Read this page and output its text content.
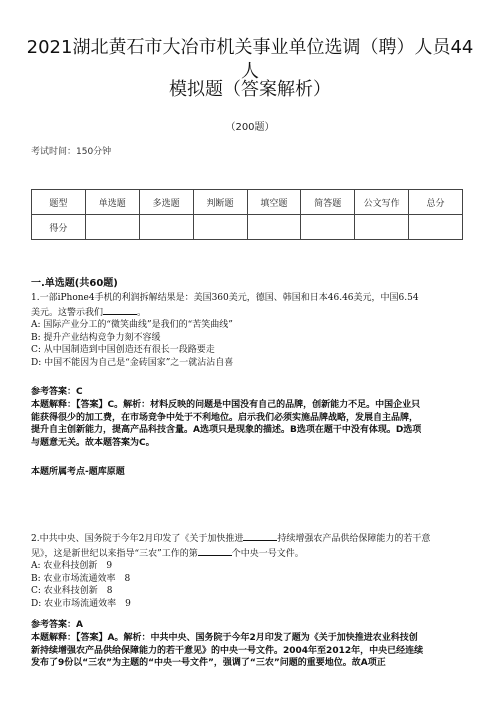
2021湖北黄石市大冶市机关事业单位选调（聘）人员44人
模拟题（答案解析）
（200题）
考试时间：150分钟
题型	单选题	多选题	判断题	填空题	简答题	公文写作	总分
得分							
一.单选题(共60题)

1.一部iPhone4手机的利润拆解结果是：美国360美元，德国、韩国和日本46.46美元，中国6.54

美元。这警示我们	。

A: 国际产业分工的“微笑曲线”是我们的“苦笑曲线”

B: 提升产业结构竞争力刻不容缓

C: 从中国制造到中国创造还有很长一段路要走

D: 中国不能因为自己是“金砖国家”之一就沾沾自喜

参考答案：C

本题解释：【答案】C。解析：材料反映的问题是中国没有自己的品牌，创新能力不足。中国企业只

能获得很少的加工费，在市场竞争中处于不利地位。启示我们必须实施品牌战略，发展自主品牌，

提升自主创新能力，提高产品科技含量。A选项只是现象的描述。B选项在题干中没有体现。D选项

与题意无关。故本题答案为C。

本题所属考点-题库原题

2.中共中央、国务院于今年2月印发了《关于加快推进	持续增强农产品供给保障能力的若干意

见》，这是新世纪以来指导“三农”工作的第	个中央一号文件。

A: 农业科技创新　9

B: 农业市场流通效率　8

C: 农业科技创新　8

D: 农业市场流通效率　9

参考答案：A

本题解释：【答案】A。解析：中共中央、国务院于今年2月印发了题为《关于加快推进农业科技创

新持续增强农产品供给保障能力的若干意见》的中央一号文件。2004年至2012年，中央已经连续

发布了9份以“三农”为主题的“中央一号文件”，强调了“三农”问题的重要地位。故A项正
